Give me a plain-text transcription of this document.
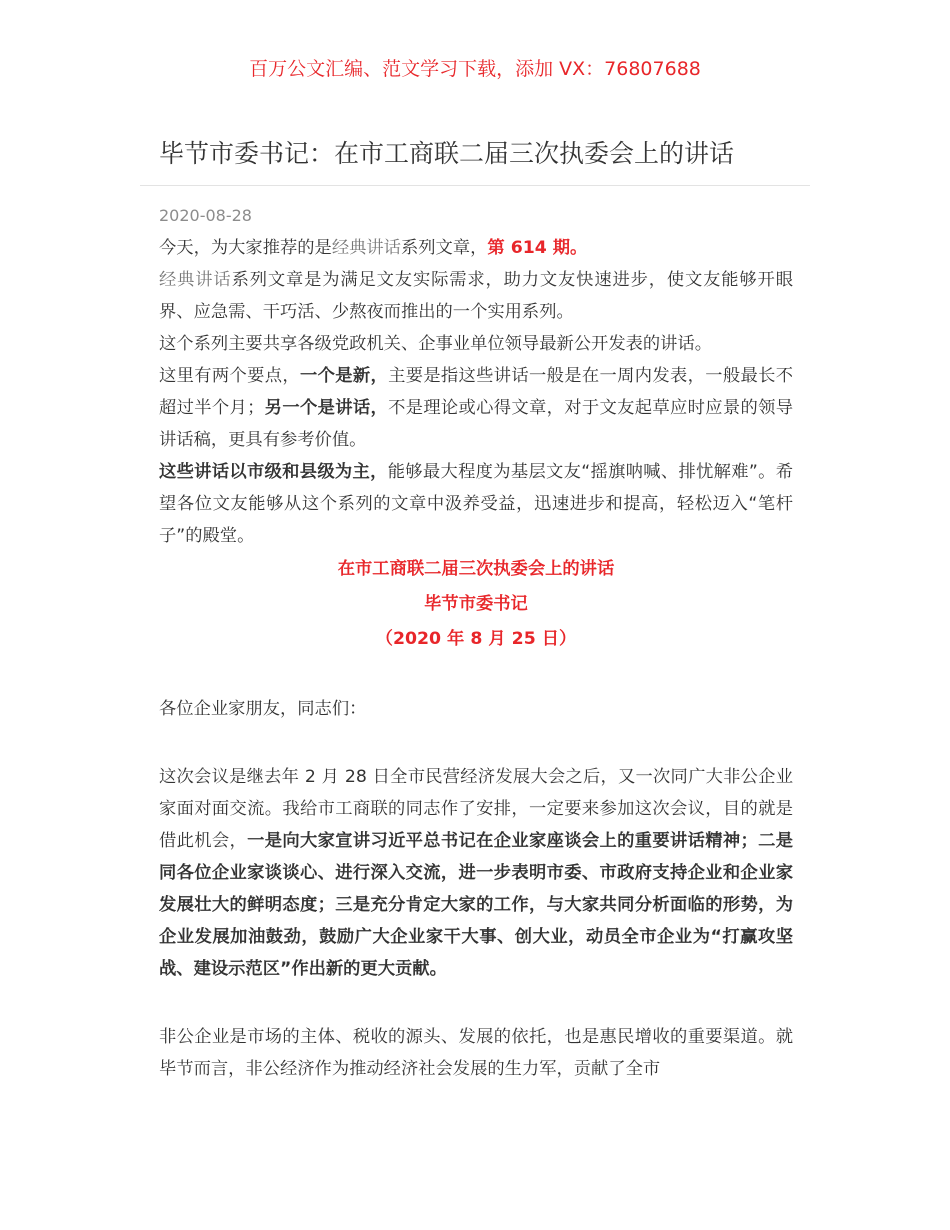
百万公文汇编、范文学习下载，添加 VX：76807688
毕节市委书记：在市工商联二届三次执委会上的讲话

2020-08-28

今天，为大家推荐的是经典讲话系列文章，第 614 期。

经典讲话系列文章是为满足文友实际需求，助力文友快速进步，使文友能够开眼界、应急需、干巧活、少熬夜而推出的一个实用系列。

这个系列主要共享各级党政机关、企事业单位领导最新公开发表的讲话。

这里有两个要点，一个是新，主要是指这些讲话一般是在一周内发表，一般最长不超过半个月；另一个是讲话，不是理论或心得文章，对于文友起草应时应景的领导讲话稿，更具有参考价值。

这些讲话以市级和县级为主，能够最大程度为基层文友“摇旗呐喊、排忧解难”。希望各位文友能够从这个系列的文章中汲养受益，迅速进步和提高，轻松迈入“笔杆子”的殿堂。

在市工商联二届三次执委会上的讲话

毕节市委书记

（2020 年 8 月 25 日）

各位企业家朋友，同志们：

这次会议是继去年 2 月 28 日全市民营经济发展大会之后，又一次同广大非公企业家面对面交流。我给市工商联的同志作了安排，一定要来参加这次会议，目的就是借此机会，一是向大家宣讲习近平总书记在企业家座谈会上的重要讲话精神；二是同各位企业家谈谈心、进行深入交流，进一步表明市委、市政府支持企业和企业家发展壮大的鲜明态度；三是充分肯定大家的工作，与大家共同分析面临的形势，为企业发展加油鼓劲，鼓励广大企业家干大事、创大业，动员全市企业为“打赢攻坚战、建设示范区”作出新的更大贡献。

非公企业是市场的主体、税收的源头、发展的依托，也是惠民增收的重要渠道。就毕节而言，非公经济作为推动经济社会发展的生力军，贡献了全市
